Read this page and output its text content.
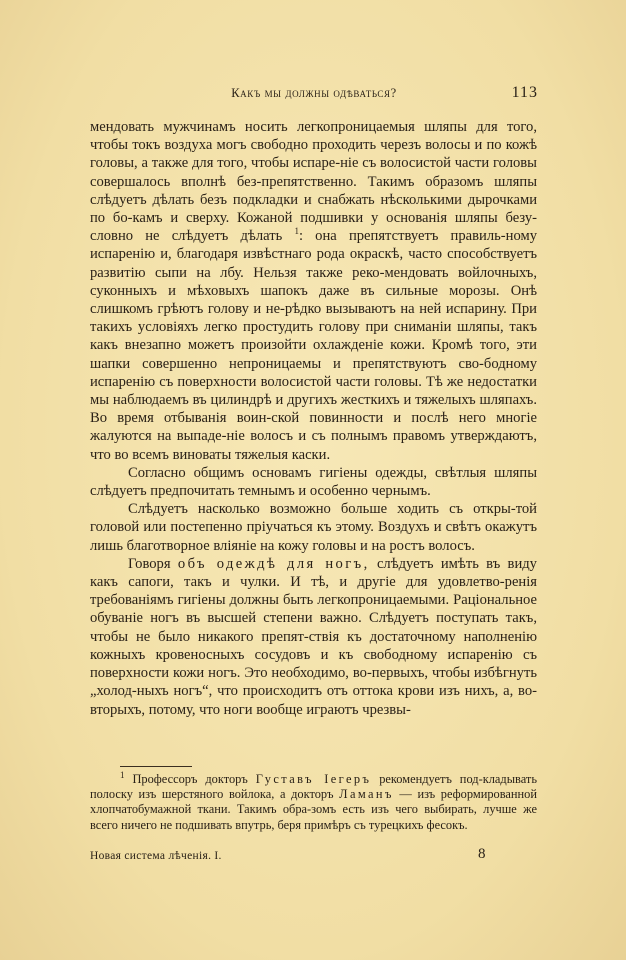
Какъ мы должны одѣваться?	113

мендовать мужчинамъ носить легкопроницаемыя шляпы для того, чтобы токъ воздуха могъ свободно проходить черезъ волосы и по кожѣ головы, а также для того, чтобы испаре-ніе съ волосистой части головы совершалось вполнѣ без-препятственно. Такимъ образомъ шляпы слѣдуетъ дѣлать безъ подкладки и снабжать нѣсколькими дырочками по бо-камъ и сверху. Кожаной подшивки у основанія шляпы безу-словно не слѣдуетъ дѣлать $^1$: она препятствуетъ правиль-ному испаренію и, благодаря извѣстнаго рода окраскѣ, часто способствуетъ развитію сыпи на лбу. Нельзя также реко-мендовать войлочныхъ, суконныхъ и мѣховыхъ шапокъ даже въ сильные морозы. Онѣ слишкомъ грѣютъ голову и не-рѣдко вызываютъ на ней испарину. При такихъ условіяхъ легко простудить голову при сниманіи шляпы, такъ какъ внезапно можетъ произойти охлажденіе кожи. Кромѣ того, эти шапки совершенно непроницаемы и препятствуютъ сво-бодному испаренію съ поверхности волосистой части головы. Тѣ же недостатки мы наблюдаемъ въ цилиндрѣ и другихъ жесткихъ и тяжелыхъ шляпахъ. Во время отбыванія воин-ской повинности и послѣ него многіе жалуются на выпаде-ніе волосъ и съ полнымъ правомъ утверждаютъ, что во всемъ виноваты тяжелыя каски.

Согласно общимъ основамъ гигіены одежды, свѣтлыя шляпы слѣдуетъ предпочитать темнымъ и особенно чернымъ.

Слѣдуетъ насколько возможно больше ходить съ откры-той головой или постепенно пріучаться къ этому. Воздухъ и свѣтъ окажутъ лишь благотворное вліяніе на кожу головы и на ростъ волосъ.

Говоря объ одеждѣ для ногъ, слѣдуетъ имѣть въ виду какъ сапоги, такъ и чулки. И тѣ, и другіе для удовлетво-ренія требованіямъ гигіены должны быть легкопроницаемыми. Раціональное обуваніе ногъ въ высшей степени важно. Слѣдуетъ поступать такъ, чтобы не было никакого препят-ствія къ достаточному наполненію кожныхъ кровеносныхъ сосудовъ и къ свободному испаренію съ поверхности кожи ногъ. Это необходимо, во-первыхъ, чтобы избѣгнуть „холод-ныхъ ногъ“, что происходитъ отъ оттока крови изъ нихъ, а, во-вторыхъ, потому, что ноги вообще играютъ чрезвы-

$^1$ Профессоръ докторъ Густавъ Іегеръ рекомендуетъ под-кладывать полоску изъ шерстяного войлока, а докторъ Ламанъ — изъ реформированной хлопчатобумажной ткани. Такимъ обра-зомъ есть изъ чего выбирать, лучше же всего ничего не подшивать впутрь, беря примѣръ съ турецкихъ фесокъ.

Новая система лѣченія. I.	8
